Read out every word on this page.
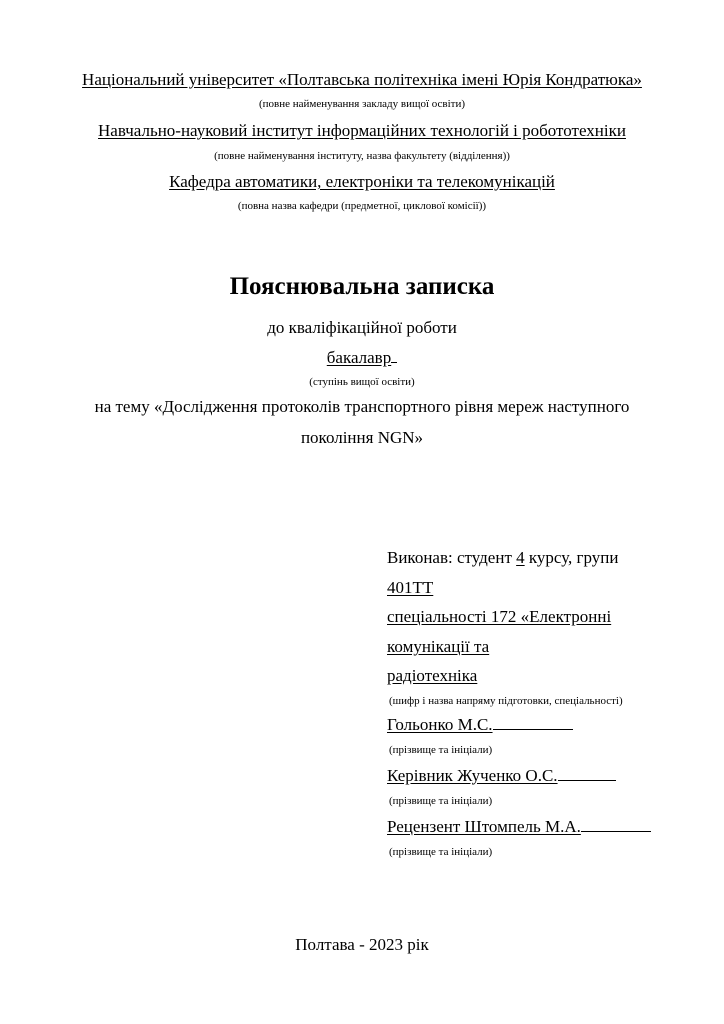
Національний університет «Полтавська політехніка імені Юрія Кондратюка»
(повне найменування закладу вищої освіти)
Навчально-науковий інститут інформаційних технологій і робототехніки
(повне найменування інституту, назва факультету (відділення))
Кафедра автоматики, електроніки та телекомунікацій
(повна назва кафедри (предметної, циклової комісії))
Пояснювальна записка
до кваліфікаційної роботи
бакалавр
(ступінь вищої освіти)
на тему «Дослідження протоколів транспортного рівня мереж наступного
покоління NGN»
Виконав: студент 4 курсу, групи
401ТТ
спеціальності 172 «Електронні
комунікації та
радіотехніка
(шифр і назва напряму підготовки, спеціальності)
Гольонко М.С.
(прізвище та ініціали)
Керівник Жученко О.С.
(прізвище та ініціали)
Рецензент Штомпель М.А.
(прізвище та ініціали)
Полтава - 2023 рік
